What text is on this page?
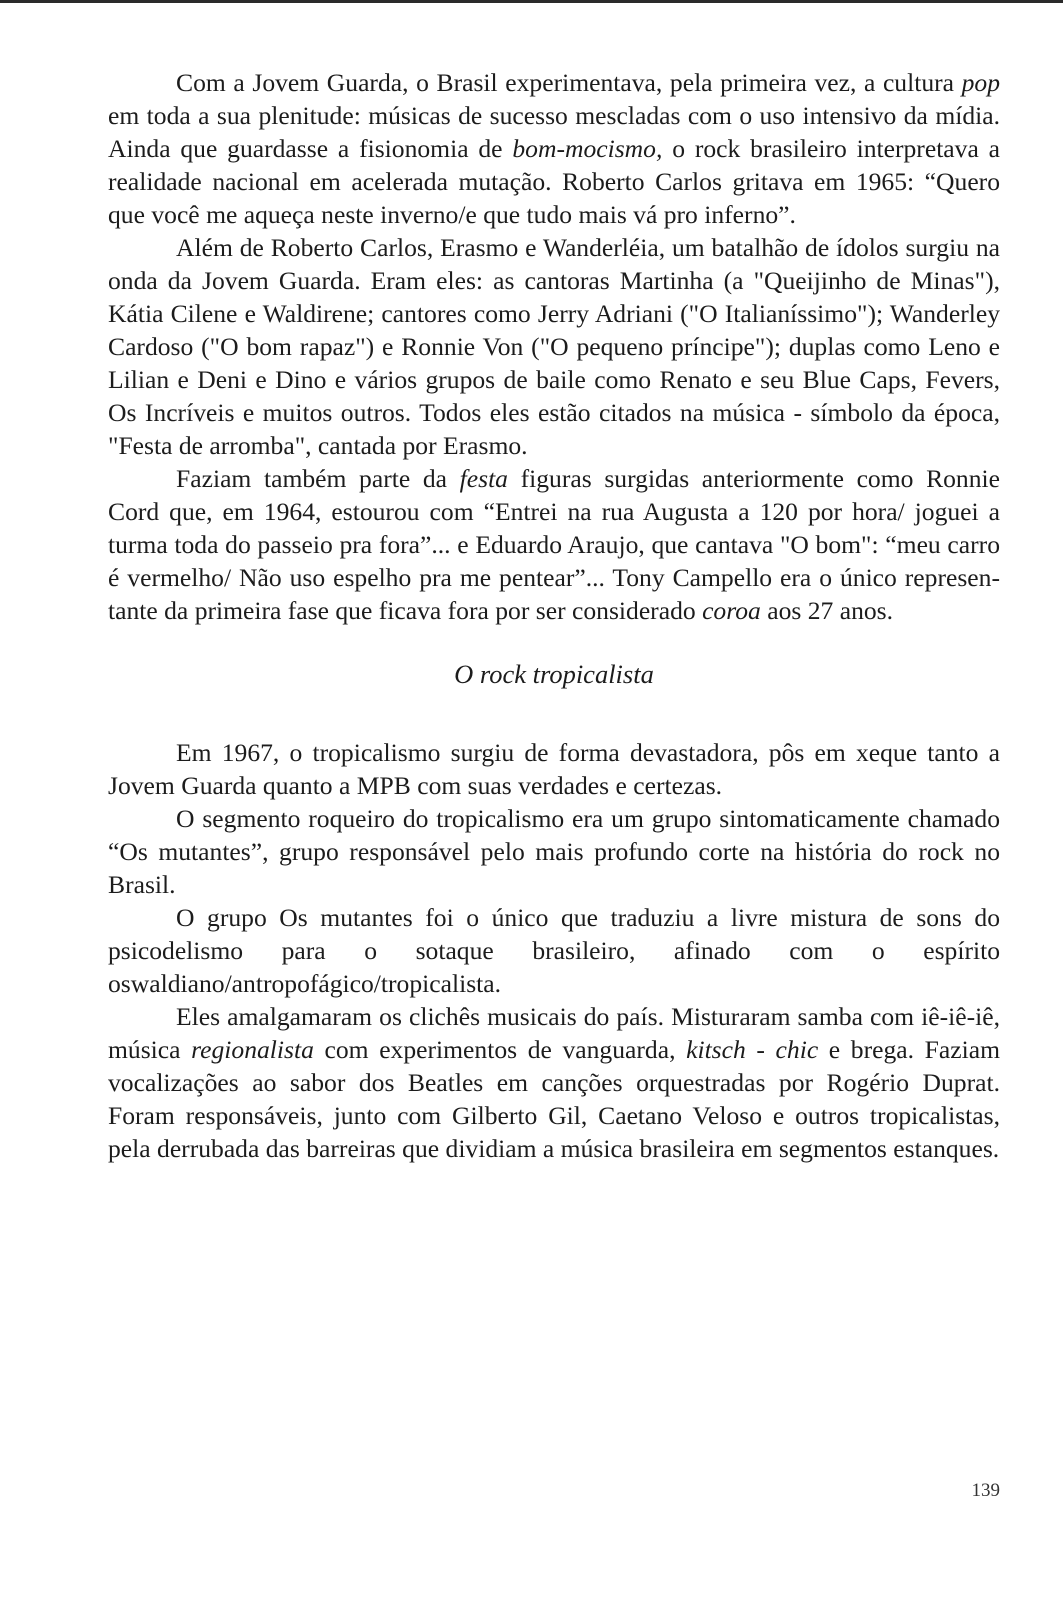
Com a Jovem Guarda, o Brasil experimentava, pela primeira vez, a cultura pop em toda a sua plenitude: músicas de sucesso mescladas com o uso intensivo da mídia. Ainda que guardasse a fisionomia de bom-mocismo, o rock brasileiro interpretava a realidade nacional em acelerada mutação. Roberto Carlos gritava em 1965: “Quero que você me aqueça neste inverno/e que tudo mais vá pro inferno”.

Além de Roberto Carlos, Erasmo e Wanderléia, um batalhão de ídolos surgiu na onda da Jovem Guarda. Eram eles: as cantoras Martinha (a "Queijinho de Minas"), Kátia Cilene e Waldirene; cantores como Jerry Adriani ("O Italianíssimo"); Wanderley Cardoso ("O bom rapaz") e Ronnie Von ("O pequeno príncipe"); duplas como Leno e Lilian e Deni e Dino e vários grupos de baile como Renato e seu Blue Caps, Fevers, Os Incríveis e muitos outros. Todos eles estão citados na música - símbolo da época, "Festa de arromba", cantada por Erasmo.

Faziam também parte da festa figuras surgidas anteriormente como Ronnie Cord que, em 1964, estourou com “Entrei na rua Augusta a 120 por hora/ joguei a turma toda do passeio pra fora”... e Eduardo Araujo, que cantava "O bom": “meu carro é vermelho/ Não uso espelho pra me pentear”... Tony Campello era o único representante da primeira fase que ficava fora por ser considerado coroa aos 27 anos.

O rock tropicalista

Em 1967, o tropicalismo surgiu de forma devastadora, pôs em xeque tanto a Jovem Guarda quanto a MPB com suas verdades e certezas.

O segmento roqueiro do tropicalismo era um grupo sintomaticamente chamado “Os mutantes”, grupo responsável pelo mais profundo corte na história do rock no Brasil.

O grupo Os mutantes foi o único que traduziu a livre mistura de sons do psicodelismo para o sotaque brasileiro, afinado com o espírito oswaldiano/antropofágico/tropicalista.

Eles amalgamaram os clichês musicais do país. Misturaram samba com iê-iê-iê, música regionalista com experimentos de vanguarda, kitsch - chic e brega. Faziam vocalizações ao sabor dos Beatles em canções orquestradas por Rogério Duprat. Foram responsáveis, junto com Gilberto Gil, Caetano Veloso e outros tropicalistas, pela derrubada das barreiras que dividiam a música brasileira em segmentos estanques.

139
